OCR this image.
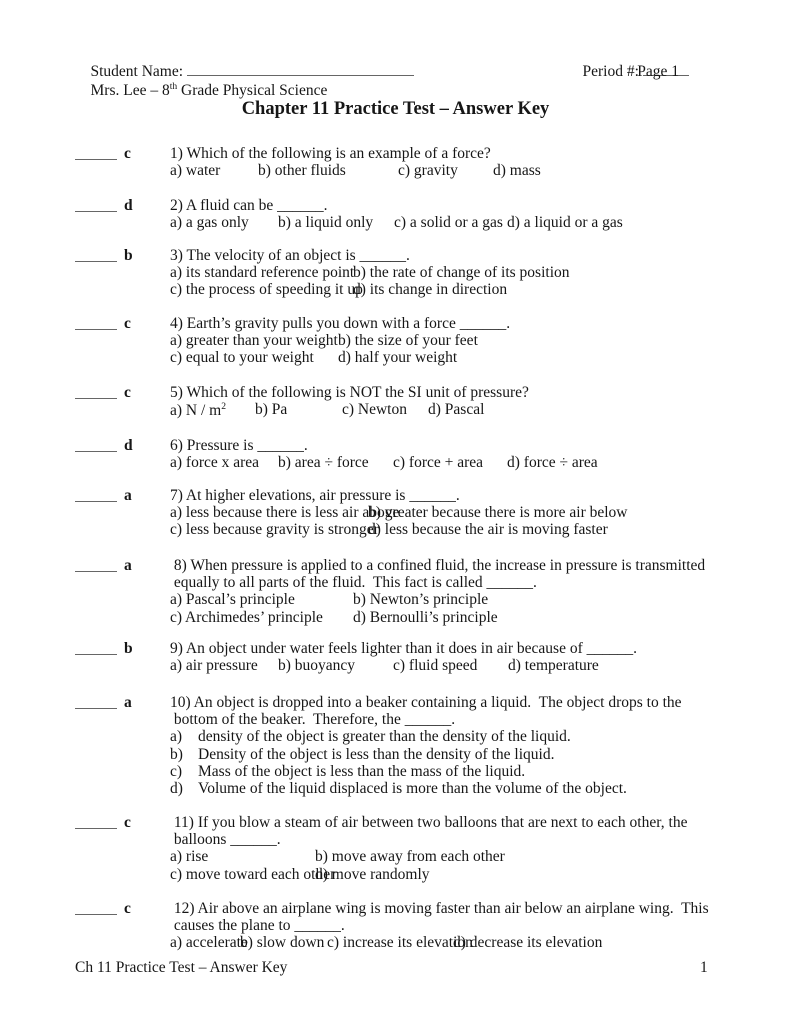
Student Name:
	Period #:

Mrs. Lee – 8th Grade Physical Science

Page 1
Chapter 11 Practice Test – Answer Key
c	1) Which of the following is an example of a force?
a) water b) other fluids	c) gravity d) mass
d 2) A fluid can be ______.
a) a gas only b) a liquid only c) a solid or a gas d) a liquid or a gas
b 3) The velocity of an object is ______.
a) its standard reference point
b) the rate of change of its position
c) the process of speeding it up
d) its change in direction
c	4) Earth’s gravity pulls you down with a force ______.
a) greater than your weight b) the size of your feet
c) equal to your weight d) half your weight
c	5) Which of the following is NOT the SI unit of pressure?
a) N / $m^2$ b) Pa	c) Newton d) Pascal
d 6) Pressure is ______.
a) force x area b) area ÷ force c) force + area d) force ÷ area
a 7) At higher elevations, air pressure is ______.
a) less because there is less air above
b) greater because there is more air below
c) less because gravity is stronger
d) less because the air is moving faster
a 8) When pressure is applied to a confined fluid, the increase in pressure is transmitted
equally to all parts of the fluid.  This fact is called ______.
a) Pascal’s principle	b) Newton’s principle
c) Archimedes’ principle d) Bernoulli’s principle
b 9) An object under water feels lighter than it does in air because of ______.
a) air pressure b) buoyancy c) fluid speed d) temperature
a 10) An object is dropped into a beaker containing a liquid.  The object drops to the
bottom of the beaker.  Therefore, the ______.
a) density of the object is greater than the density of the liquid.
b) Density of the object is less than the density of the liquid.
c) Mass of the object is less than the mass of the liquid.
d) Volume of the liquid displaced is more than the volume of the object.
c	11) If you blow a steam of air between two balloons that are next to each other, the
balloons ______.
a) rise	b) move away from each other
c) move toward each other
d) move randomly
c	12) Air above an airplane wing is moving faster than air below an airplane wing.  This
causes the plane to ______.
a) accelerate
b) slow down c) increase its elevation
d) decrease its elevation
Ch 11 Practice Test – Answer Key	1
